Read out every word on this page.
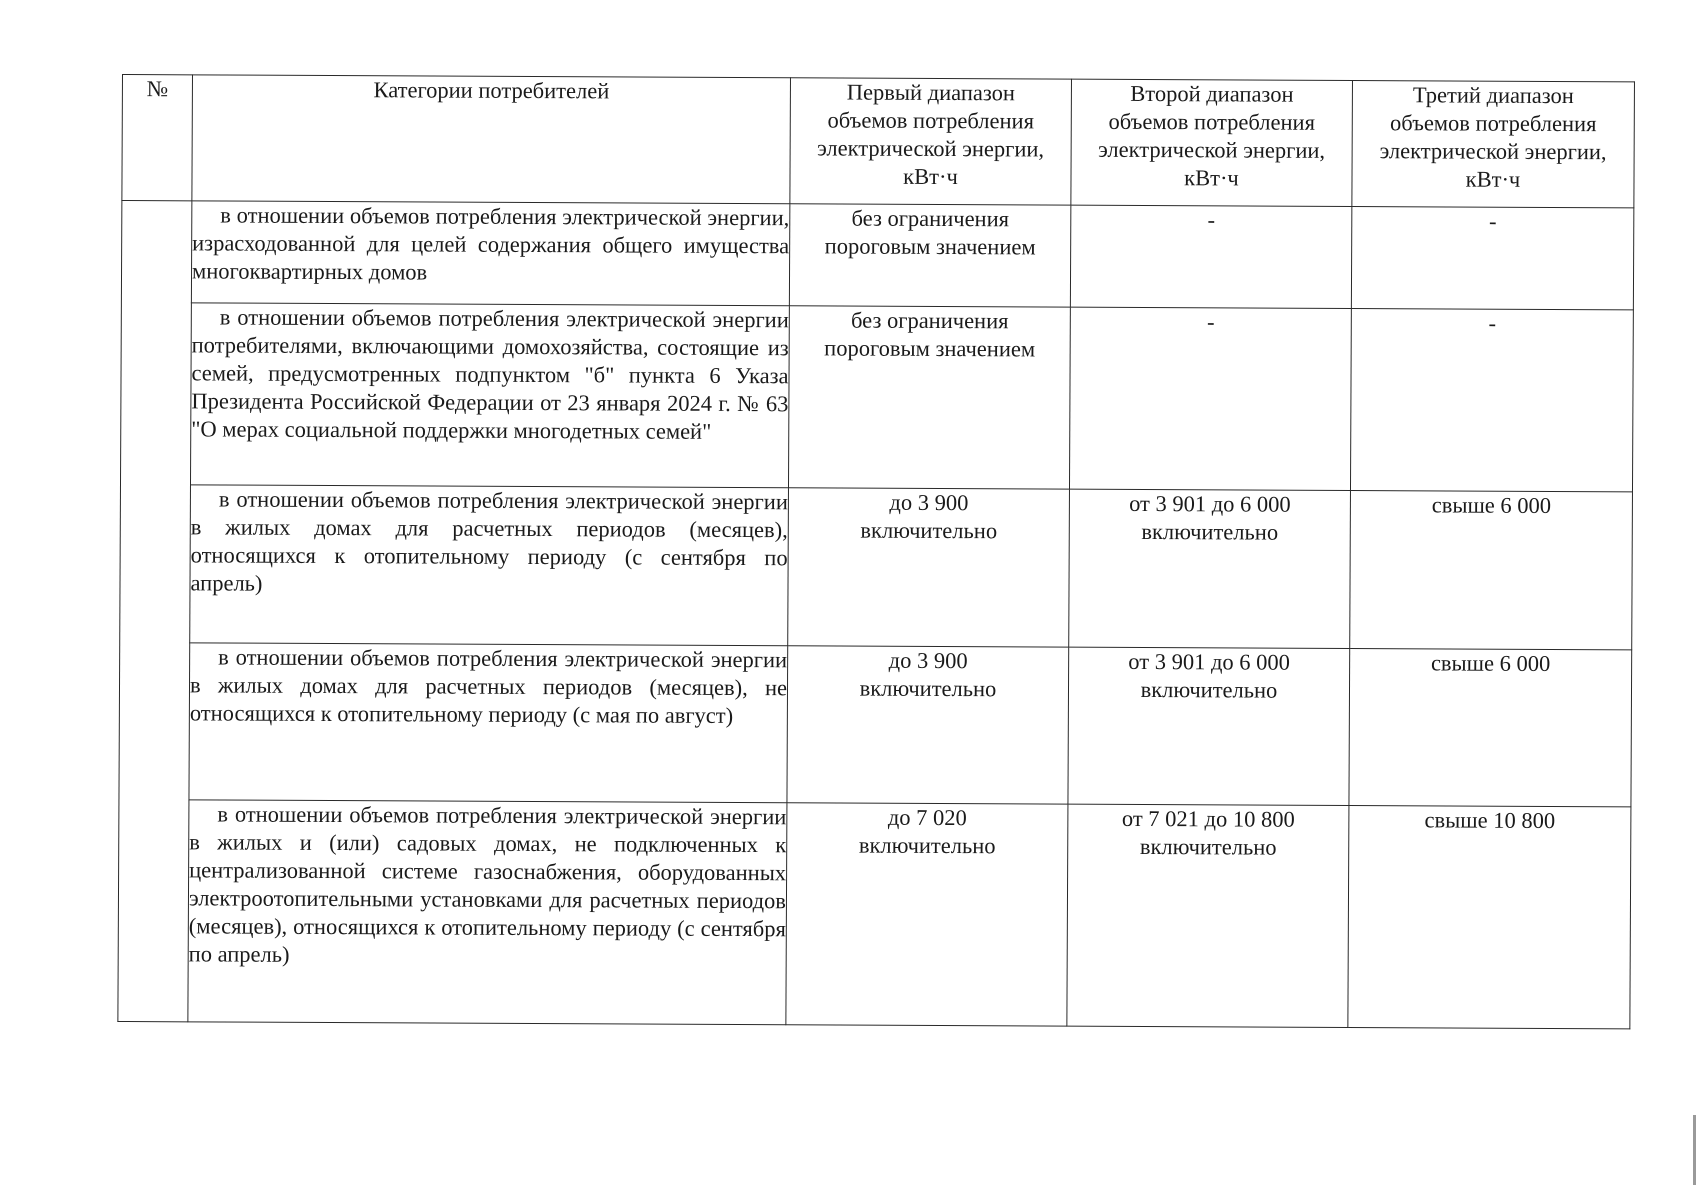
№	Категории потребителей	Первый диапазон
объемов потребления
электрической энергии,
кВт·ч	Второй диапазон
объемов потребления
электрической энергии,
кВт·ч	Третий диапазон
объемов потребления
электрической энергии,
кВт·ч

	в отношении объемов потребления электрической энергии, израсходованной для целей содержания общего имущества многоквартирных домов	без ограничения
пороговым значением	-	-
	в отношении объемов потребления электрической энергии потребителями, включающими домохозяйства, состоящие из семей, предусмотренных подпунктом "б" пункта 6 Указа Президента Российской Федерации от 23 января 2024 г. № 63 "О мерах социальной поддержки многодетных семей"	без ограничения
пороговым значением	-	-
	в отношении объемов потребления электрической энергии в жилых домах для расчетных периодов (месяцев), относящихся к отопительному периоду (с сентября по апрель)	до 3 900
включительно	от 3 901 до 6 000
включительно	свыше 6 000
	в отношении объемов потребления электрической энергии в жилых домах для расчетных периодов (месяцев), не относящихся к отопительному периоду (с мая по август)	до 3 900
включительно	от 3 901 до 6 000
включительно	свыше 6 000
	в отношении объемов потребления электрической энергии в жилых и (или) садовых домах, не подключенных к централизованной системе газоснабжения, оборудованных электроотопительными установками для расчетных периодов (месяцев), относящихся к отопительному периоду (с сентября по апрель)	до 7 020
включительно	от 7 021 до 10 800
включительно	свыше 10 800
